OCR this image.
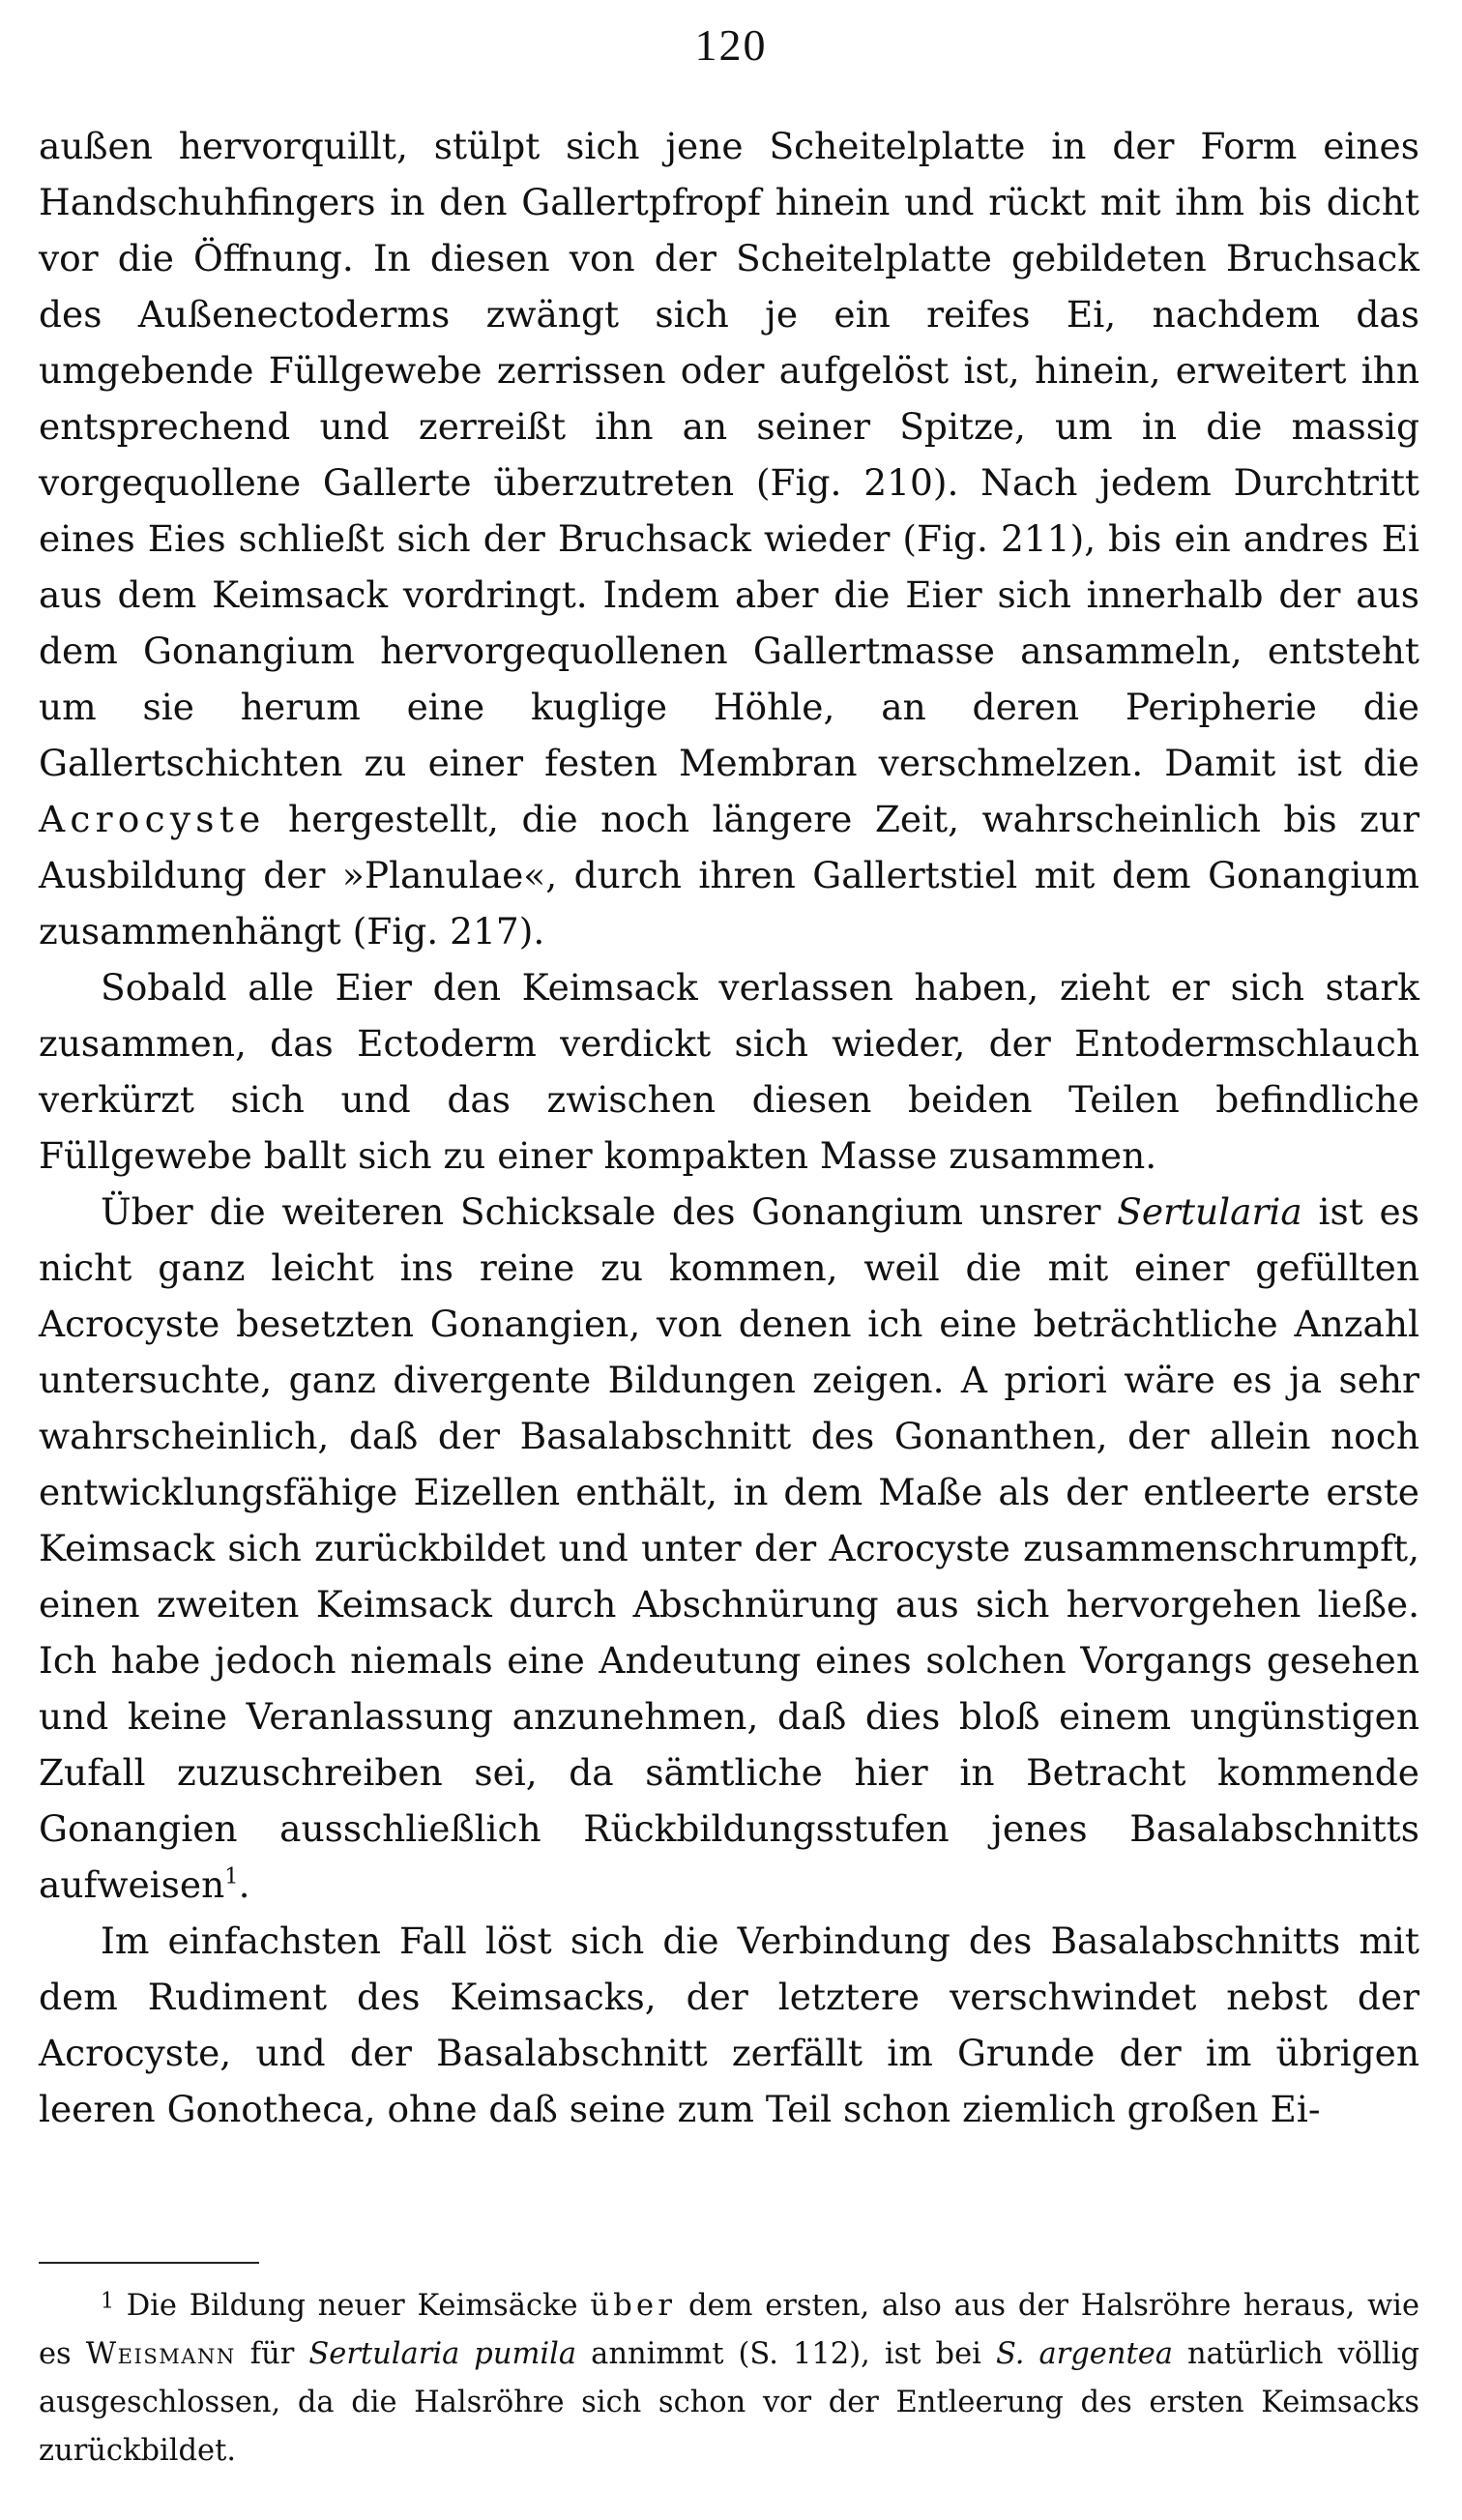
120

außen hervorquillt, stülpt sich jene Scheitelplatte in der Form eines Handschuhfingers in den Gallertpfropf hinein und rückt mit ihm bis dicht vor die Öffnung. In diesen von der Scheitelplatte gebildeten Bruchsack des Außenectoderms zwängt sich je ein reifes Ei, nachdem das umgebende Füllgewebe zerrissen oder aufgelöst ist, hinein, erweitert ihn entsprechend und zerreißt ihn an seiner Spitze, um in die massig vorgequollene Gallerte überzutreten (Fig. 210). Nach jedem Durchtritt eines Eies schließt sich der Bruchsack wieder (Fig. 211), bis ein andres Ei aus dem Keimsack vordringt. Indem aber die Eier sich innerhalb der aus dem Gonangium hervorgequollenen Gallertmasse ansammeln, entsteht um sie herum eine kuglige Höhle, an deren Peripherie die Gallertschichten zu einer festen Membran verschmelzen. Damit ist die Acrocyste hergestellt, die noch längere Zeit, wahrscheinlich bis zur Ausbildung der »Planulae«, durch ihren Gallertstiel mit dem Gonangium zusammenhängt (Fig. 217).

Sobald alle Eier den Keimsack verlassen haben, zieht er sich stark zusammen, das Ectoderm verdickt sich wieder, der Entodermschlauch verkürzt sich und das zwischen diesen beiden Teilen befindliche Füllgewebe ballt sich zu einer kompakten Masse zusammen.

Über die weiteren Schicksale des Gonangium unsrer Sertularia ist es nicht ganz leicht ins reine zu kommen, weil die mit einer gefüllten Acrocyste besetzten Gonangien, von denen ich eine beträchtliche Anzahl untersuchte, ganz divergente Bildungen zeigen. A priori wäre es ja sehr wahrscheinlich, daß der Basalabschnitt des Gonanthen, der allein noch entwicklungsfähige Eizellen enthält, in dem Maße als der entleerte erste Keimsack sich zurückbildet und unter der Acrocyste zusammenschrumpft, einen zweiten Keimsack durch Abschnürung aus sich hervorgehen ließe. Ich habe jedoch niemals eine Andeutung eines solchen Vorgangs gesehen und keine Veranlassung anzunehmen, daß dies bloß einem ungünstigen Zufall zuzuschreiben sei, da sämtliche hier in Betracht kommende Gonangien ausschließlich Rückbildungsstufen jenes Basalabschnitts aufweisen$^1$.

Im einfachsten Fall löst sich die Verbindung des Basalabschnitts mit dem Rudiment des Keimsacks, der letztere verschwindet nebst der Acrocyste, und der Basalabschnitt zerfällt im Grunde der im übrigen leeren Gonotheca, ohne daß seine zum Teil schon ziemlich großen Ei-

$^1$ Die Bildung neuer Keimsäcke über dem ersten, also aus der Halsröhre heraus, wie es Weismann für Sertularia pumila annimmt (S. 112), ist bei S. argentea natürlich völlig ausgeschlossen, da die Halsröhre sich schon vor der Entleerung des ersten Keimsacks zurückbildet.
